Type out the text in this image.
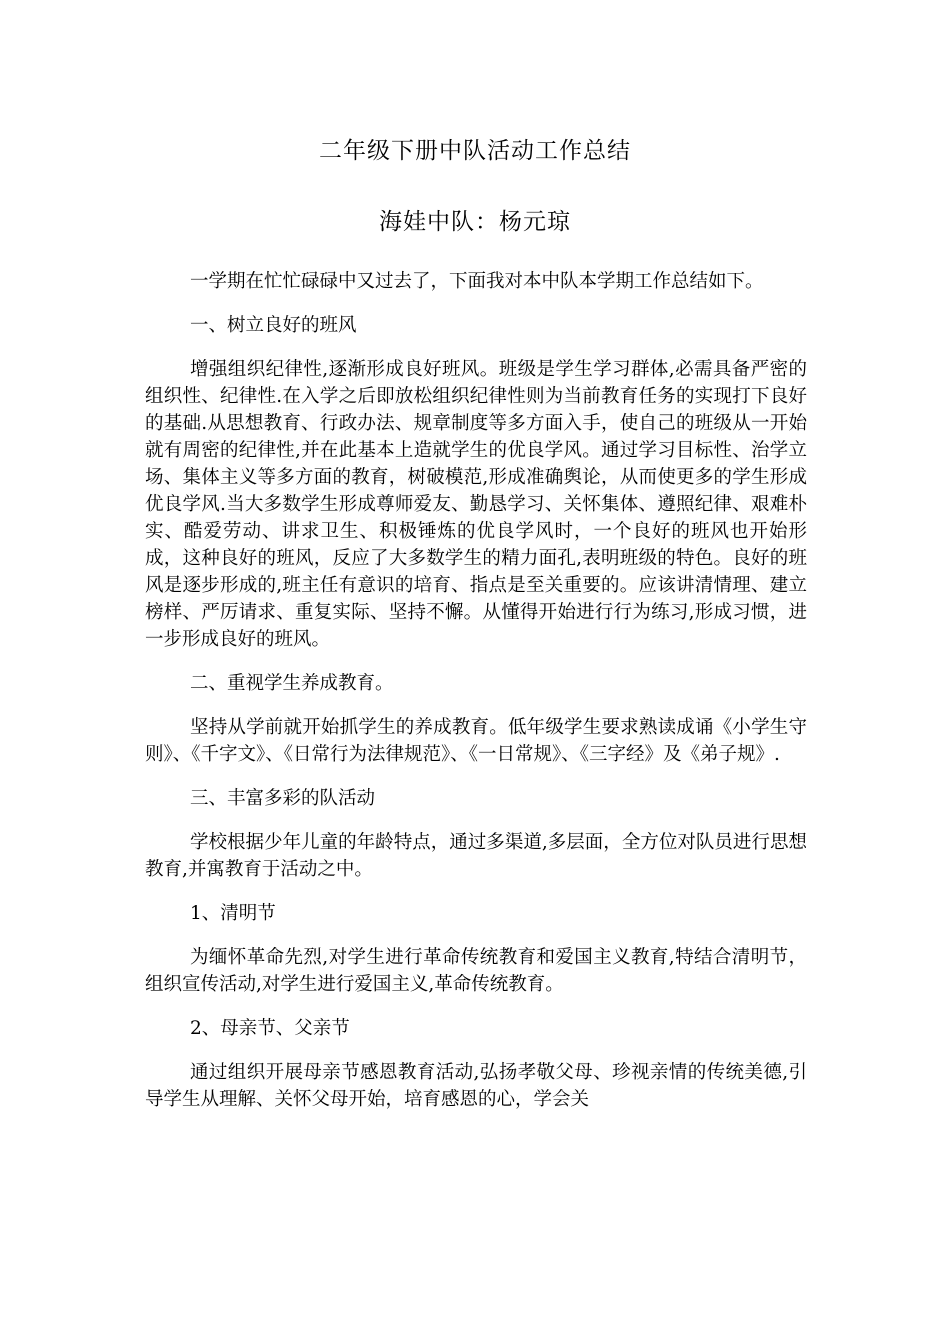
二年级下册中队活动工作总结
海娃中队：杨元琼

一学期在忙忙碌碌中又过去了，下面我对本中队本学期工作总结如下。

一、树立良好的班风

增强组织纪律性,逐渐形成良好班风。班级是学生学习群体,必需具备严密的组织性、纪律性.在入学之后即放松组织纪律性则为当前教育任务的实现打下良好的基础.从思想教育、行政办法、规章制度等多方面入手，使自己的班级从一开始就有周密的纪律性,并在此基本上造就学生的优良学风。通过学习目标性、治学立场、集体主义等多方面的教育，树破模范,形成准确舆论，从而使更多的学生形成优良学风.当大多数学生形成尊师爱友、勤恳学习、关怀集体、遵照纪律、艰难朴实、酷爱劳动、讲求卫生、积极锤炼的优良学风时，一个良好的班风也开始形成，这种良好的班风，反应了大多数学生的精力面孔,表明班级的特色。良好的班风是逐步形成的,班主任有意识的培育、指点是至关重要的。应该讲清情理、建立榜样、严厉请求、重复实际、坚持不懈。从懂得开始进行行为练习,形成习惯，进一步形成良好的班风。

二、重视学生养成教育。

坚持从学前就开始抓学生的养成教育。低年级学生要求熟读成诵《小学生守则》、《千字文》、《日常行为法律规范》、《一日常规》、《三字经》及《弟子规》.

三、丰富多彩的队活动

学校根据少年儿童的年龄特点，通过多渠道,多层面，全方位对队员进行思想教育,并寓教育于活动之中。

1、清明节

为缅怀革命先烈,对学生进行革命传统教育和爱国主义教育,特结合清明节，组织宣传活动,对学生进行爱国主义,革命传统教育。

2、母亲节、父亲节

通过组织开展母亲节感恩教育活动,弘扬孝敬父母、珍视亲情的传统美德,引导学生从理解、关怀父母开始，培育感恩的心，学会关
